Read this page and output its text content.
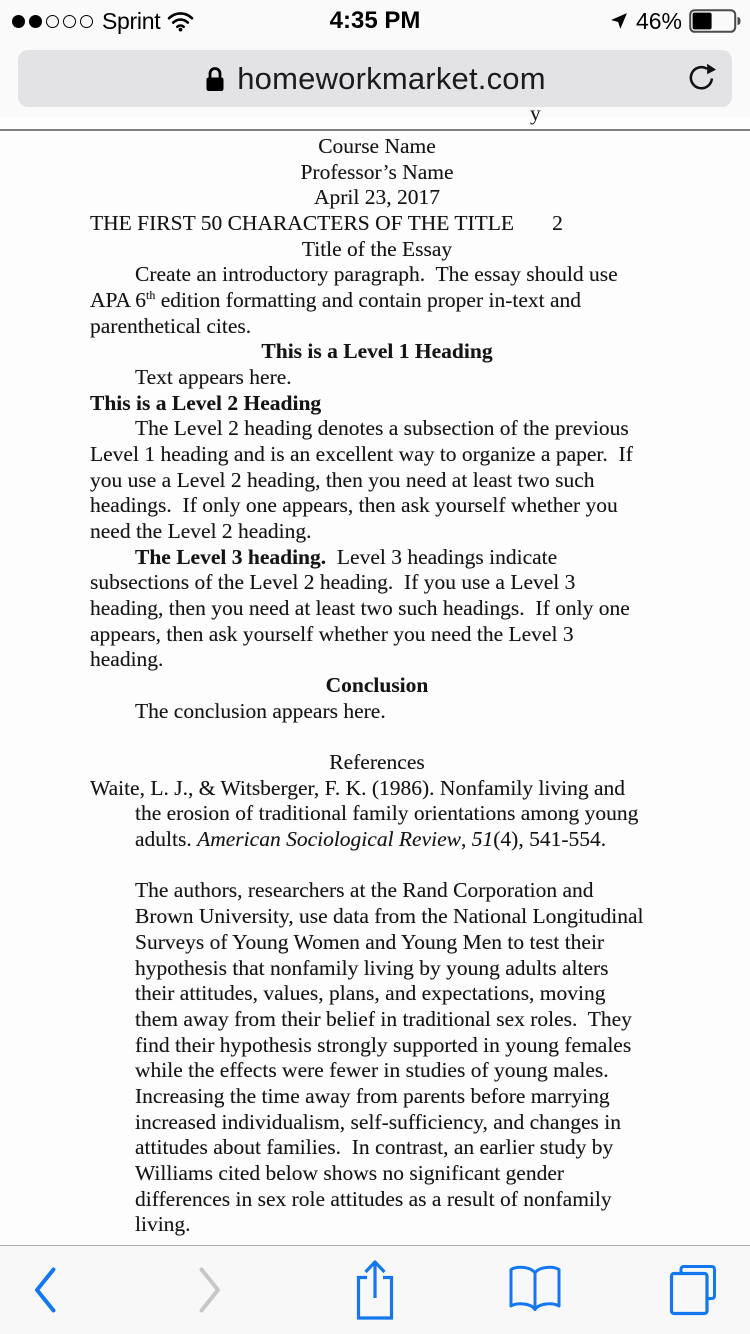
Sprint	4:35 PM	46%
homeworkmarket.com
y
Course Name
Professor’s Name
April 23, 2017
THE FIRST 50 CHARACTERS OF THE TITLE 2
Title of the Essay
Create an introductory paragraph.  The essay should use
APA 6th edition formatting and contain proper in-text and
parenthetical cites.
This is a Level 1 Heading
Text appears here.
This is a Level 2 Heading
The Level 2 heading denotes a subsection of the previous
Level 1 heading and is an excellent way to organize a paper.  If
you use a Level 2 heading, then you need at least two such
headings.  If only one appears, then ask yourself whether you
need the Level 2 heading.
The Level 3 heading.  Level 3 headings indicate
subsections of the Level 2 heading.  If you use a Level 3
heading, then you need at least two such headings.  If only one
appears, then ask yourself whether you need the Level 3
heading.
Conclusion
The conclusion appears here.
References
Waite, L. J., & Witsberger, F. K. (1986). Nonfamily living and
the erosion of traditional family orientations among young
adults. American Sociological Review, 51(4), 541-554.
The authors, researchers at the Rand Corporation and
Brown University, use data from the National Longitudinal
Surveys of Young Women and Young Men to test their
hypothesis that nonfamily living by young adults alters
their attitudes, values, plans, and expectations, moving
them away from their belief in traditional sex roles.  They
find their hypothesis strongly supported in young females
while the effects were fewer in studies of young males.
Increasing the time away from parents before marrying
increased individualism, self-sufficiency, and changes in
attitudes about families.  In contrast, an earlier study by
Williams cited below shows no significant gender
differences in sex role attitudes as a result of nonfamily
living.
